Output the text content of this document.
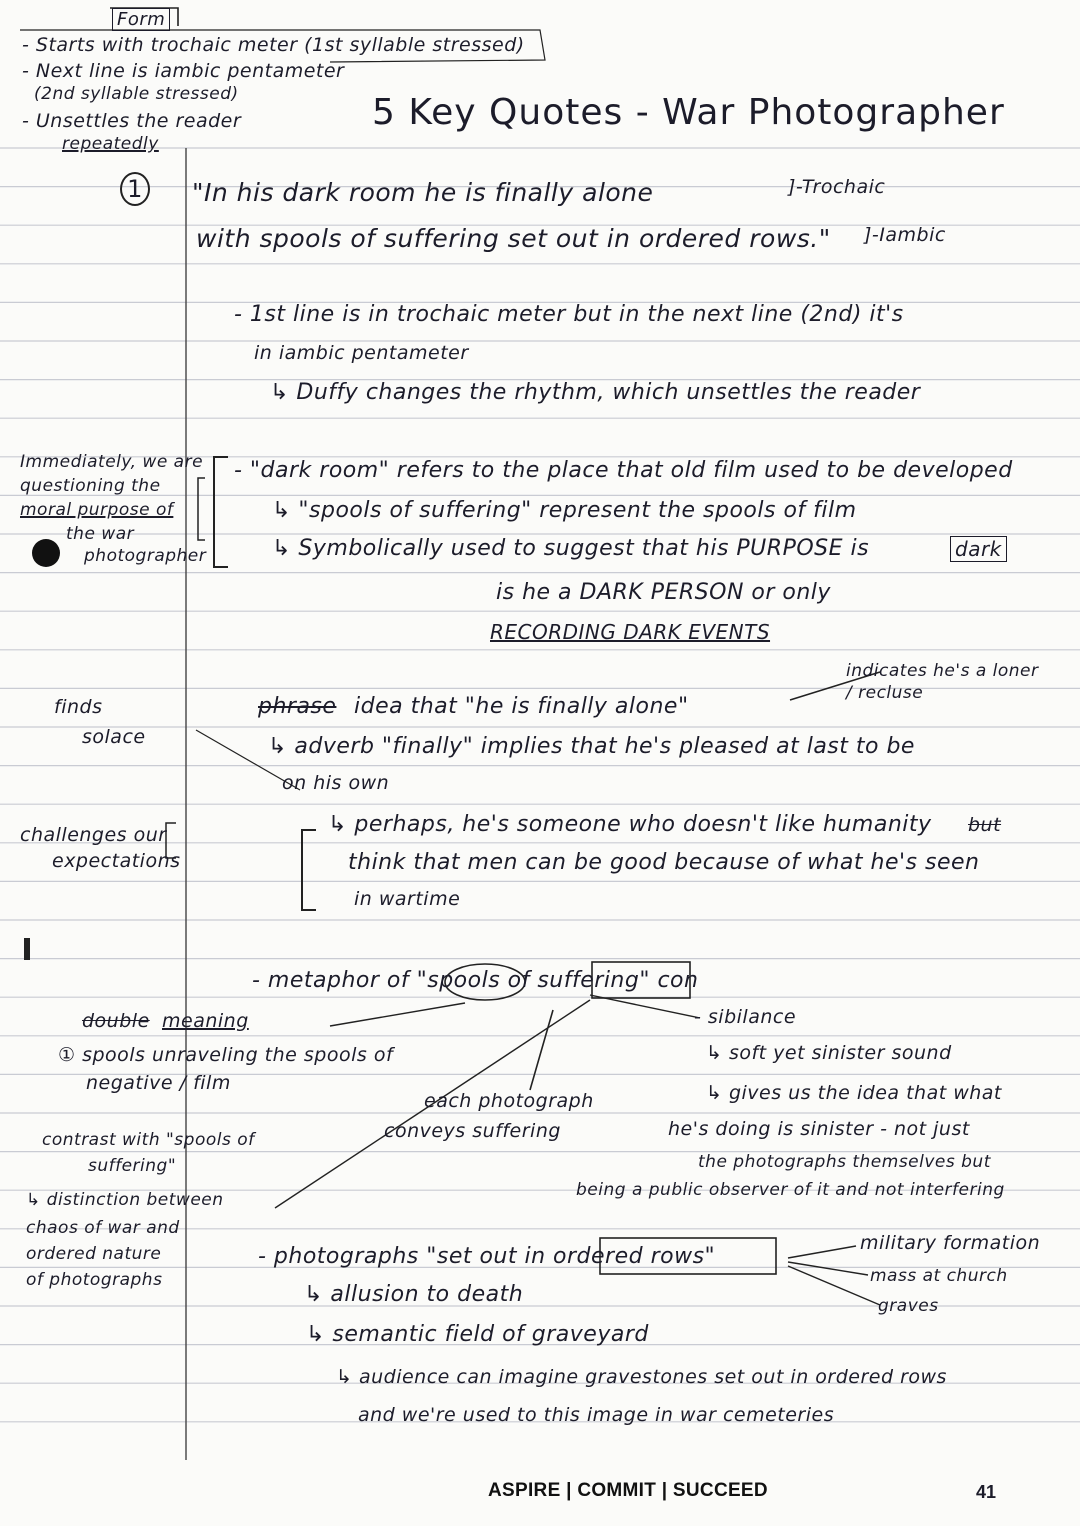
Form
- Starts with trochaic meter (1st syllable stressed)
- Next line is iambic pentameter
(2nd syllable stressed)
- Unsettles the reader
repeatedly
5 Key Quotes - War Photographer
1 "In his dark room he is finally alone	]-Trochaic
with spools of suffering set out in ordered rows." ]-Iambic
- 1st line is in trochaic meter but in the next line (2nd) it's
in iambic pentameter
↳ Duffy changes the rhythm, which unsettles the reader
Immediately, we are
questioning the
moral purpose of
the war
photographer
- "dark room" refers to the place that old film used to be developed
↳ "spools of suffering" represent the spools of film
↳ Symbolically used to suggest that his PURPOSE is	dark
is he a DARK PERSON or only
RECORDING DARK EVENTS
indicates he's a loner / recluse
finds
solace
phrase idea that "he is finally alone"
↳ adverb "finally" implies that he's pleased at last to be
on his own
challenges our
expectations
↳ perhaps, he's someone who doesn't like humanity but
think that men can be good because of what he's seen
in wartime
- metaphor of "spools of suffering" con
double meaning
① spools unraveling the spools of
negative / film
each photograph
conveys suffering
- sibilance
↳ soft yet sinister sound
↳ gives us the idea that what
he's doing is sinister - not just
the photographs themselves but
being a public observer of it and not interfering
contrast with "spools of
suffering"
↳ distinction between
chaos of war and
ordered nature
of photographs
- photographs "set out in ordered rows"
↳ allusion to death
↳ semantic field of graveyard
↳ audience can imagine gravestones set out in ordered rows
and we're used to this image in war cemeteries
military formation
mass at church
graves
ASPIRE | COMMIT | SUCCEED	41
